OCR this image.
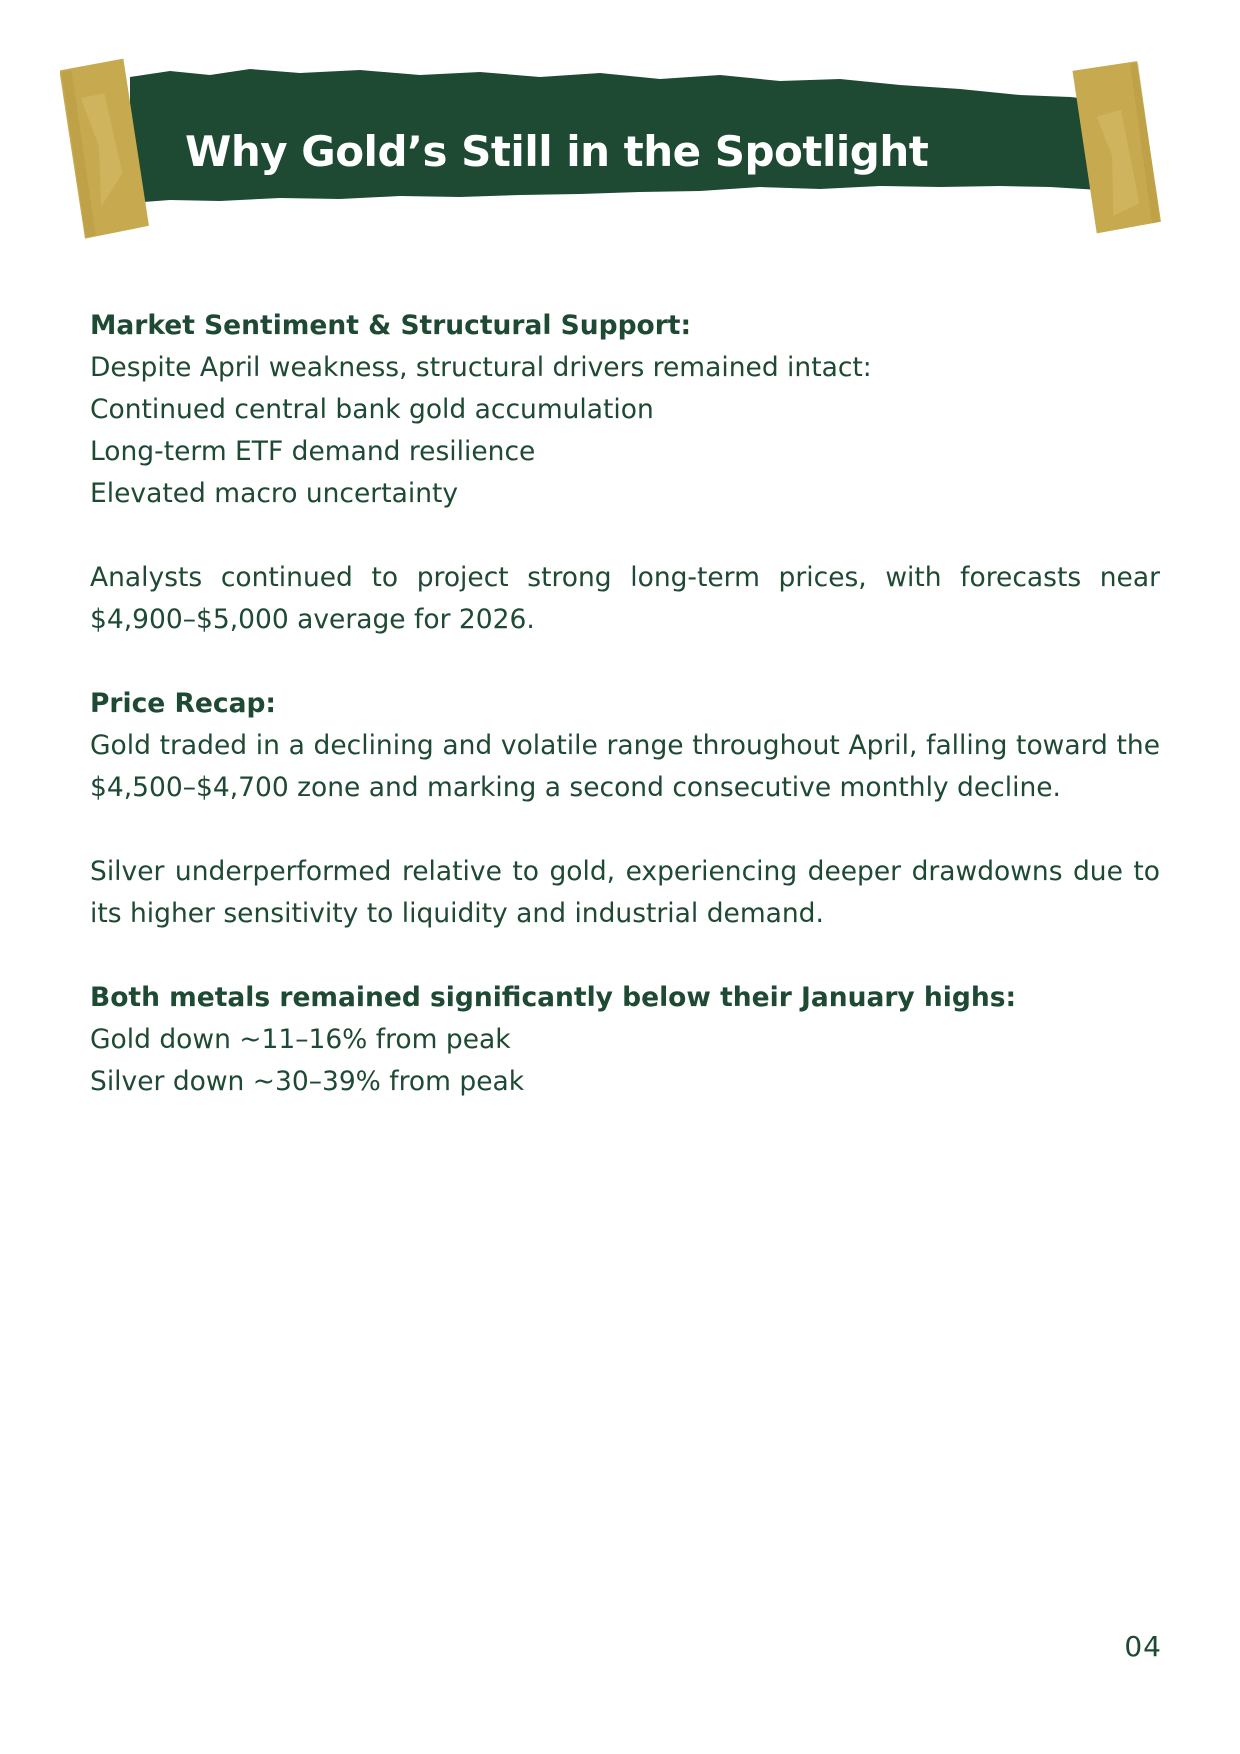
Why Gold’s Still in the Spotlight

Market Sentiment & Structural Support:

Despite April weakness, structural drivers remained intact:

Continued central bank gold accumulation

Long-term ETF demand resilience

Elevated macro uncertainty

Analysts continued to project strong long-term prices, with forecasts near $4,900–$5,000 average for 2026.

Price Recap:

Gold traded in a declining and volatile range throughout April, falling toward the $4,500–$4,700 zone and marking a second consecutive monthly decline.

Silver underperformed relative to gold, experiencing deeper drawdowns due to its higher sensitivity to liquidity and industrial demand.

Both metals remained significantly below their January highs:

Gold down ~11–16% from peak

Silver down ~30–39% from peak

04
